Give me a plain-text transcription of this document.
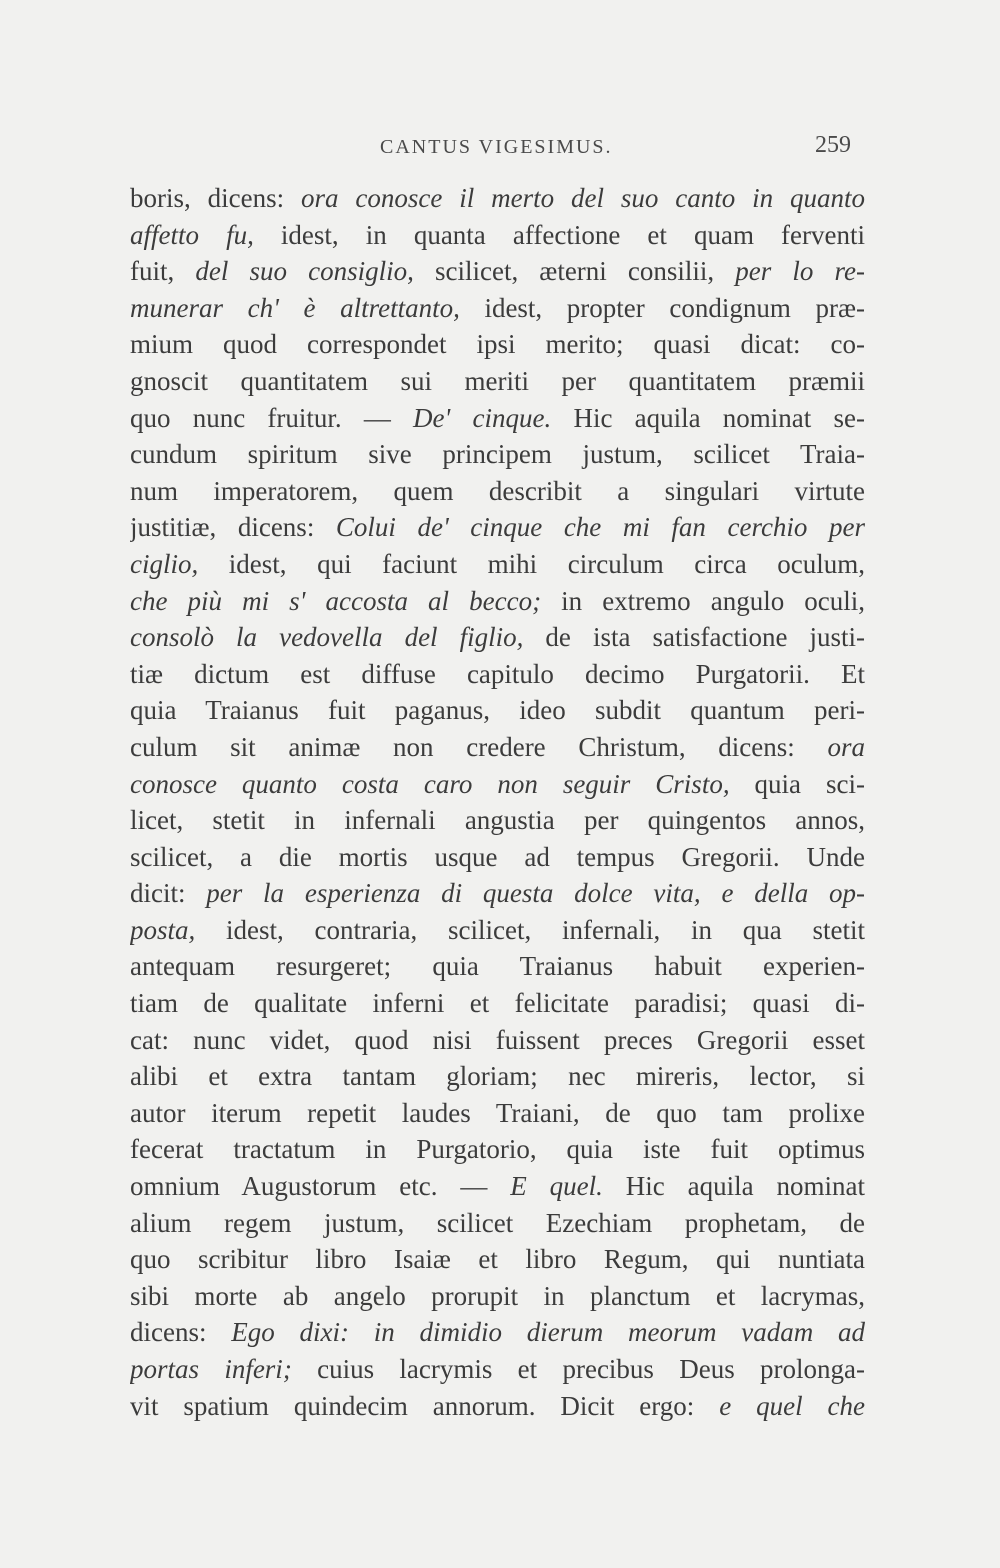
CANTUS VIGESIMUS.	259
boris, dicens: ora conosce il merto del suo canto in quanto
affetto fu, idest, in quanta affectione et quam ferventi
fuit, del suo consiglio, scilicet, æterni consilii, per lo re-
munerar ch' è altrettanto, idest, propter condignum præ-
mium quod correspondet ipsi merito; quasi dicat: co-
gnoscit quantitatem sui meriti per quantitatem præmii
quo nunc fruitur. — De' cinque. Hic aquila nominat se-
cundum spiritum sive principem justum, scilicet Traia-
num imperatorem, quem describit a singulari virtute
justitiæ, dicens: Colui de' cinque che mi fan cerchio per
ciglio, idest, qui faciunt mihi circulum circa oculum,
che più mi s' accosta al becco; in extremo angulo oculi,
consolò la vedovella del figlio, de ista satisfactione justi-
tiæ dictum est diffuse capitulo decimo Purgatorii. Et
quia Traianus fuit paganus, ideo subdit quantum peri-
culum sit animæ non credere Christum, dicens: ora
conosce quanto costa caro non seguir Cristo, quia sci-
licet, stetit in infernali angustia per quingentos annos,
scilicet, a die mortis usque ad tempus Gregorii. Unde
dicit: per la esperienza di questa dolce vita, e della op-
posta, idest, contraria, scilicet, infernali, in qua stetit
antequam resurgeret; quia Traianus habuit experien-
tiam de qualitate inferni et felicitate paradisi; quasi di-
cat: nunc videt, quod nisi fuissent preces Gregorii esset
alibi et extra tantam gloriam; nec mireris, lector, si
autor iterum repetit laudes Traiani, de quo tam prolixe
fecerat tractatum in Purgatorio, quia iste fuit optimus
omnium Augustorum etc. — E quel. Hic aquila nominat
alium regem justum, scilicet Ezechiam prophetam, de
quo scribitur libro Isaiæ et libro Regum, qui nuntiata
sibi morte ab angelo prorupit in planctum et lacrymas,
dicens: Ego dixi: in dimidio dierum meorum vadam ad
portas inferi; cuius lacrymis et precibus Deus prolonga-
vit spatium quindecim annorum. Dicit ergo: e quel che
